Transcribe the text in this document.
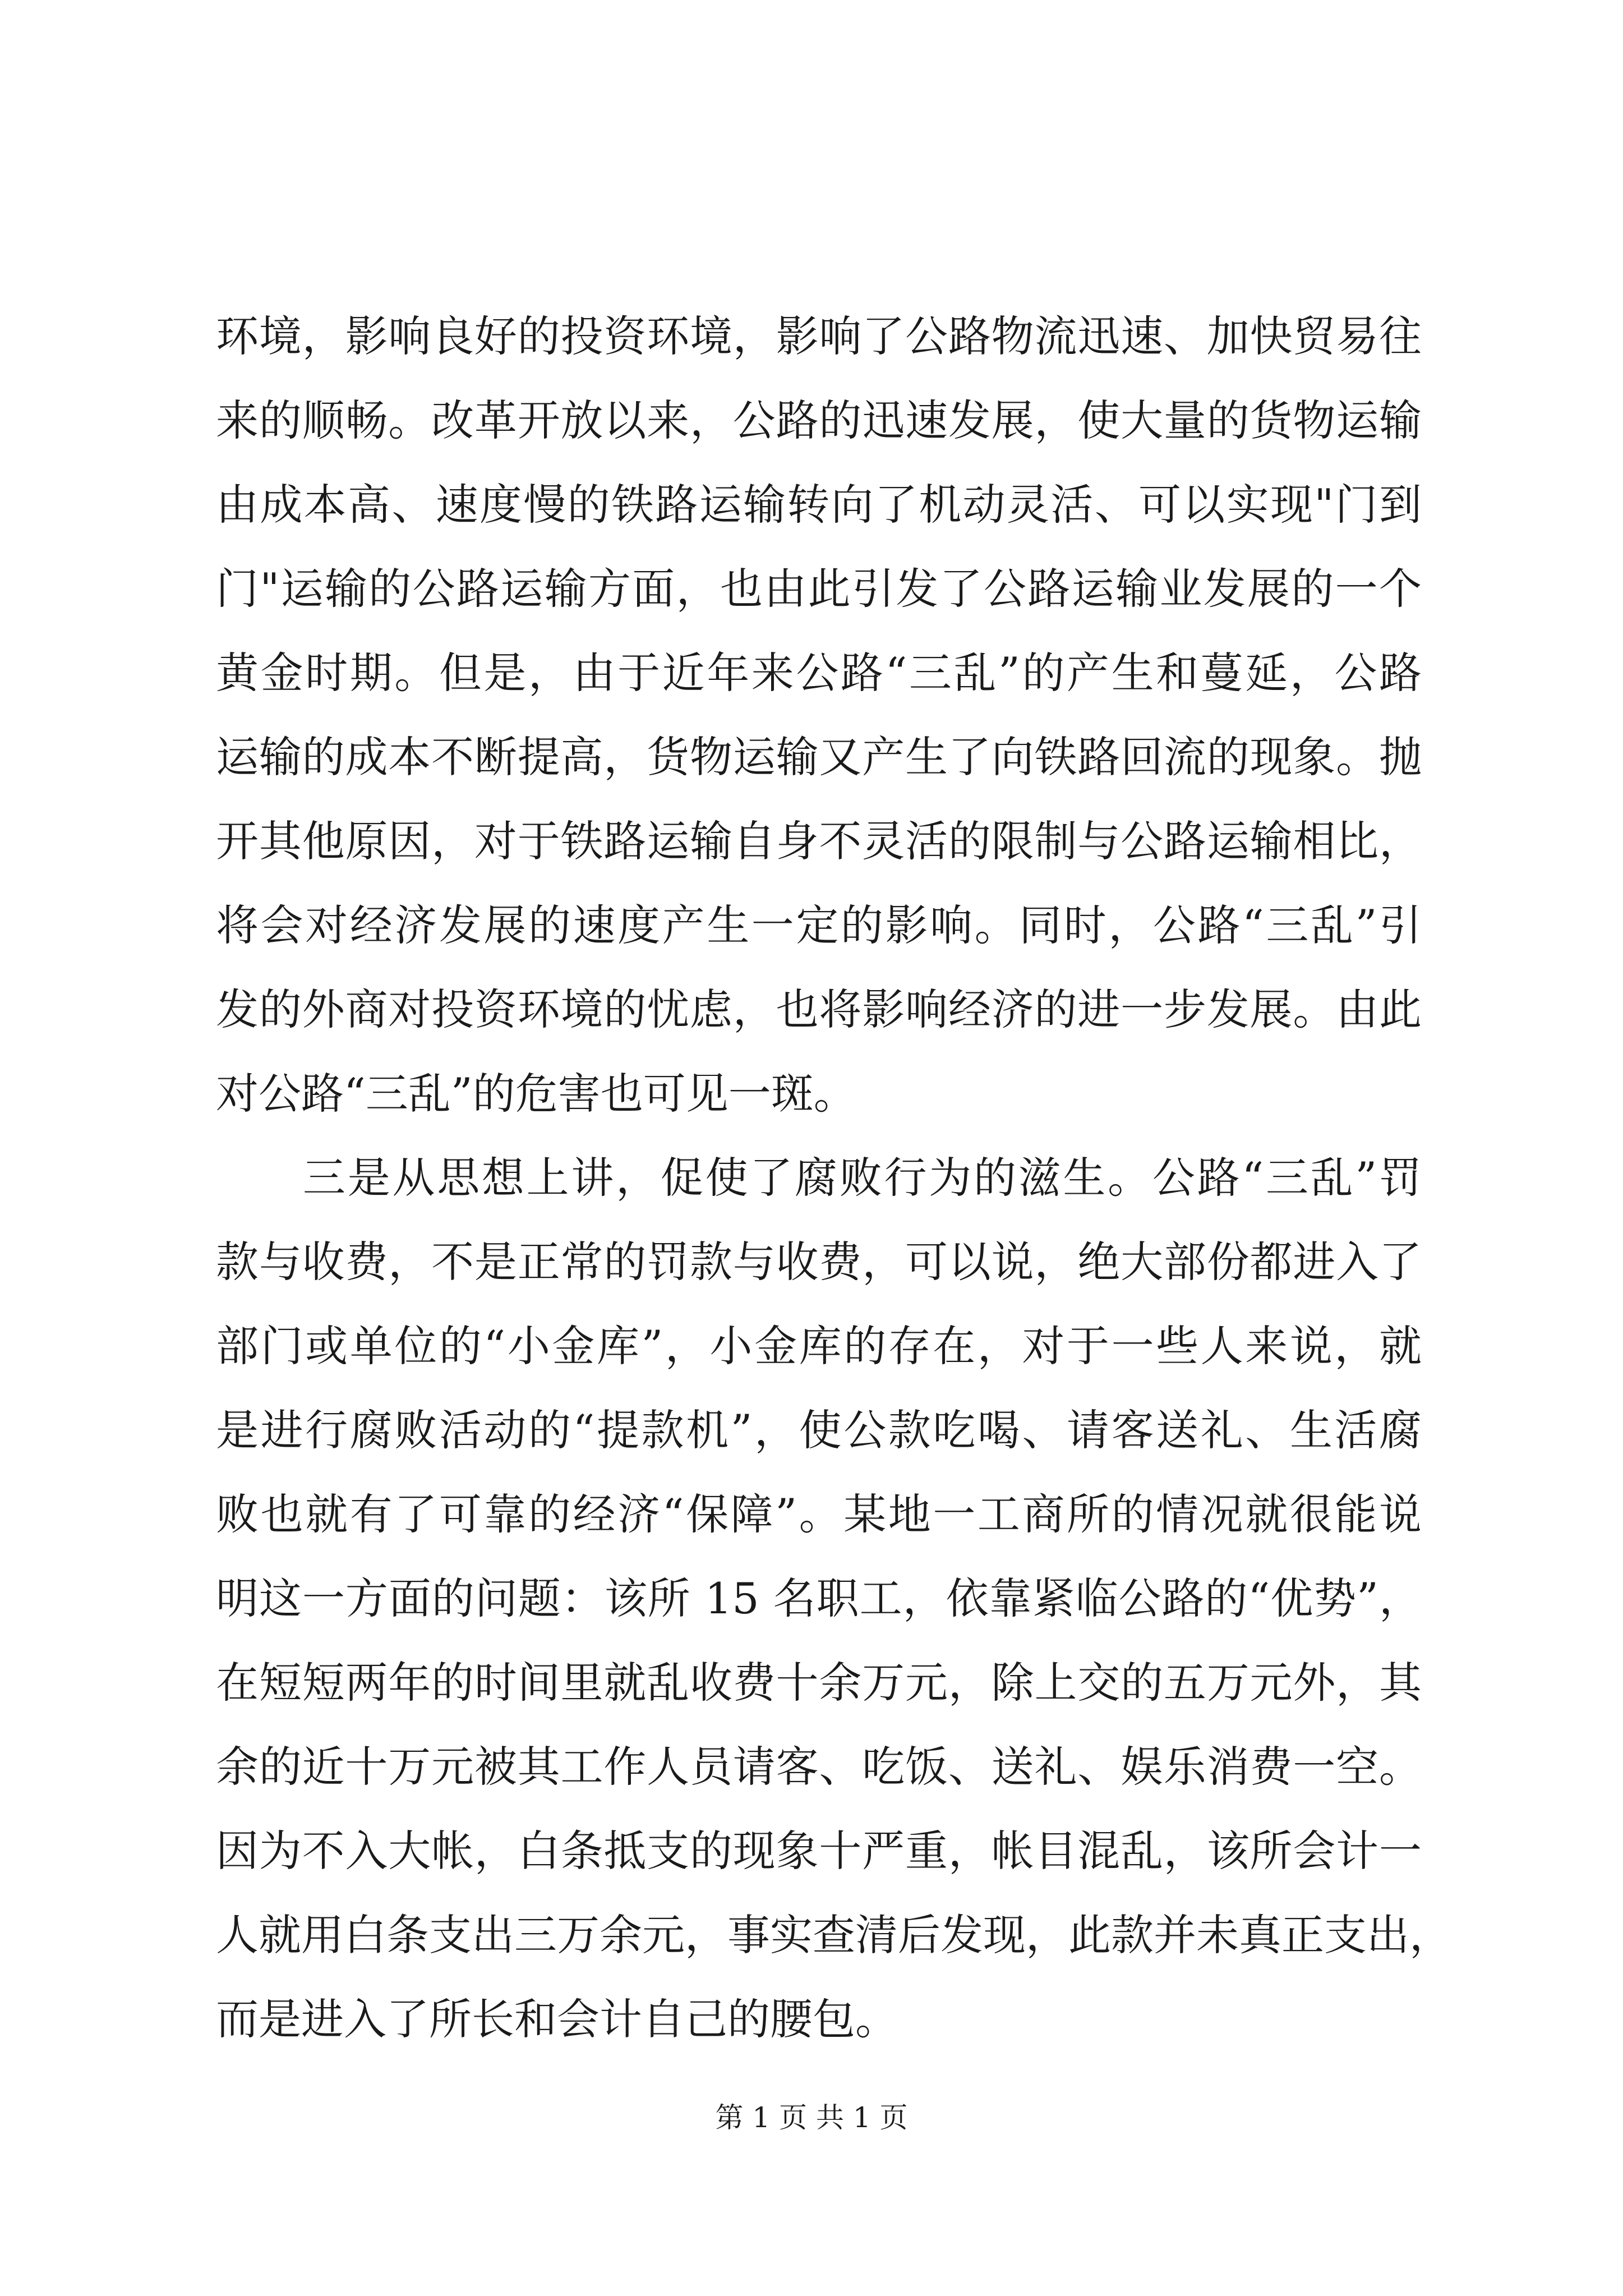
环境，影响良好的投资环境，影响了公路物流迅速、加快贸易往
来的顺畅。改革开放以来，公路的迅速发展，使大量的货物运输
由成本高、速度慢的铁路运输转向了机动灵活、可以实现"门到
门"运输的公路运输方面，也由此引发了公路运输业发展的一个
黄金时期。但是，由于近年来公路“三乱”的产生和蔓延，公路
运输的成本不断提高，货物运输又产生了向铁路回流的现象。抛
开其他原因，对于铁路运输自身不灵活的限制与公路运输相比，
将会对经济发展的速度产生一定的影响。同时，公路“三乱”引
发的外商对投资环境的忧虑，也将影响经济的进一步发展。由此
对公路“三乱”的危害也可见一斑。
三是从思想上讲，促使了腐败行为的滋生。公路“三乱”罚
款与收费，不是正常的罚款与收费，可以说，绝大部份都进入了
部门或单位的“小金库”，小金库的存在，对于一些人来说，就
是进行腐败活动的“提款机”，使公款吃喝、请客送礼、生活腐
败也就有了可靠的经济“保障”。某地一工商所的情况就很能说
明这一方面的问题：该所 15 名职工，依靠紧临公路的“优势”，
在短短两年的时间里就乱收费十余万元，除上交的五万元外，其
余的近十万元被其工作人员请客、吃饭、送礼、娱乐消费一空。
因为不入大帐，白条抵支的现象十严重，帐目混乱，该所会计一
人就用白条支出三万余元，事实查清后发现，此款并未真正支出，
而是进入了所长和会计自己的腰包。
第 1 页 共 1 页
